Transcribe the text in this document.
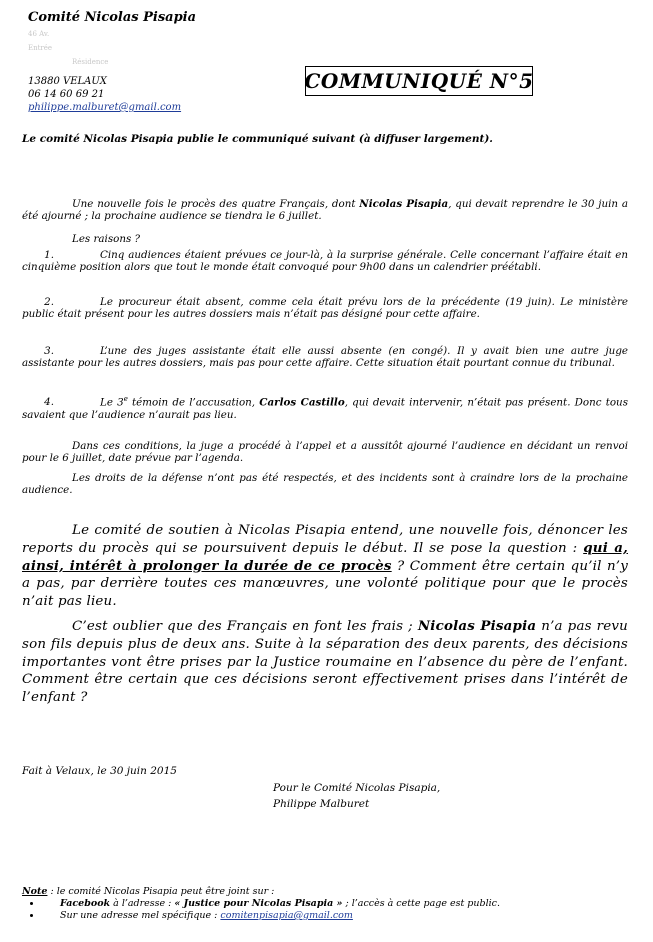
Comité Nicolas Pisapia
46 Av.
Entrée
Résidence
13880 VELAUX
06 14 60 69 21
philippe.malburet@gmail.com
COMMUNIQUÉ N°5
Le comité Nicolas Pisapia publie le communiqué suivant (à diffuser largement).

Une nouvelle fois le procès des quatre Français, dont Nicolas Pisapia, qui devait reprendre le 30 juin a été ajourné ; la prochaine audience se tiendra le 6 juillet.

Les raisons ?

1.	Cinq audiences étaient prévues ce jour-là, à la surprise générale. Celle concernant l’affaire était en cinquième position alors que tout le monde était convoqué pour 9h00 dans un calendrier préétabli.

2.	Le procureur était absent, comme cela était prévu lors de la précédente (19 juin). Le ministère public était présent pour les autres dossiers mais n’était pas désigné pour cette affaire.

3.	L’une des juges assistante était elle aussi absente (en congé). Il y avait bien une autre juge assistante pour les autres dossiers, mais pas pour cette affaire. Cette situation était pourtant connue du tribunal.

4.	Le 3e témoin de l’accusation, Carlos Castillo, qui devait intervenir, n’était pas présent. Donc tous savaient que l’audience n’aurait pas lieu.

Dans ces conditions, la juge a procédé à l’appel et a aussitôt ajourné l’audience en décidant un renvoi pour le 6 juillet, date prévue par l’agenda.

Les droits de la défense n’ont pas été respectés, et des incidents sont à craindre lors de la prochaine audience.

Le comité de soutien à Nicolas Pisapia entend, une nouvelle fois, dénoncer les reports du procès qui se poursuivent depuis le début. Il se pose la question : qui a, ainsi, intérêt à prolonger la durée de ce procès ? Comment être certain qu’il n’y a pas, par derrière toutes ces manœuvres, une volonté politique pour que le procès n’ait pas lieu.

C’est oublier que des Français en font les frais ; Nicolas Pisapia n’a pas revu son fils depuis plus de deux ans. Suite à la séparation des deux parents, des décisions importantes vont être prises par la Justice roumaine en l’absence du père de l’enfant. Comment être certain que ces décisions seront effectivement prises dans l’intérêt de l’enfant ?

Fait à Velaux, le 30 juin 2015
Pour le Comité Nicolas Pisapia,
Philippe Malburet
Note : le comité Nicolas Pisapia peut être joint sur :
• Facebook à l’adresse : « Justice pour Nicolas Pisapia » ; l’accès à cette page est public.
• Sur une adresse mel spécifique : comitenpisapia@gmail.com
